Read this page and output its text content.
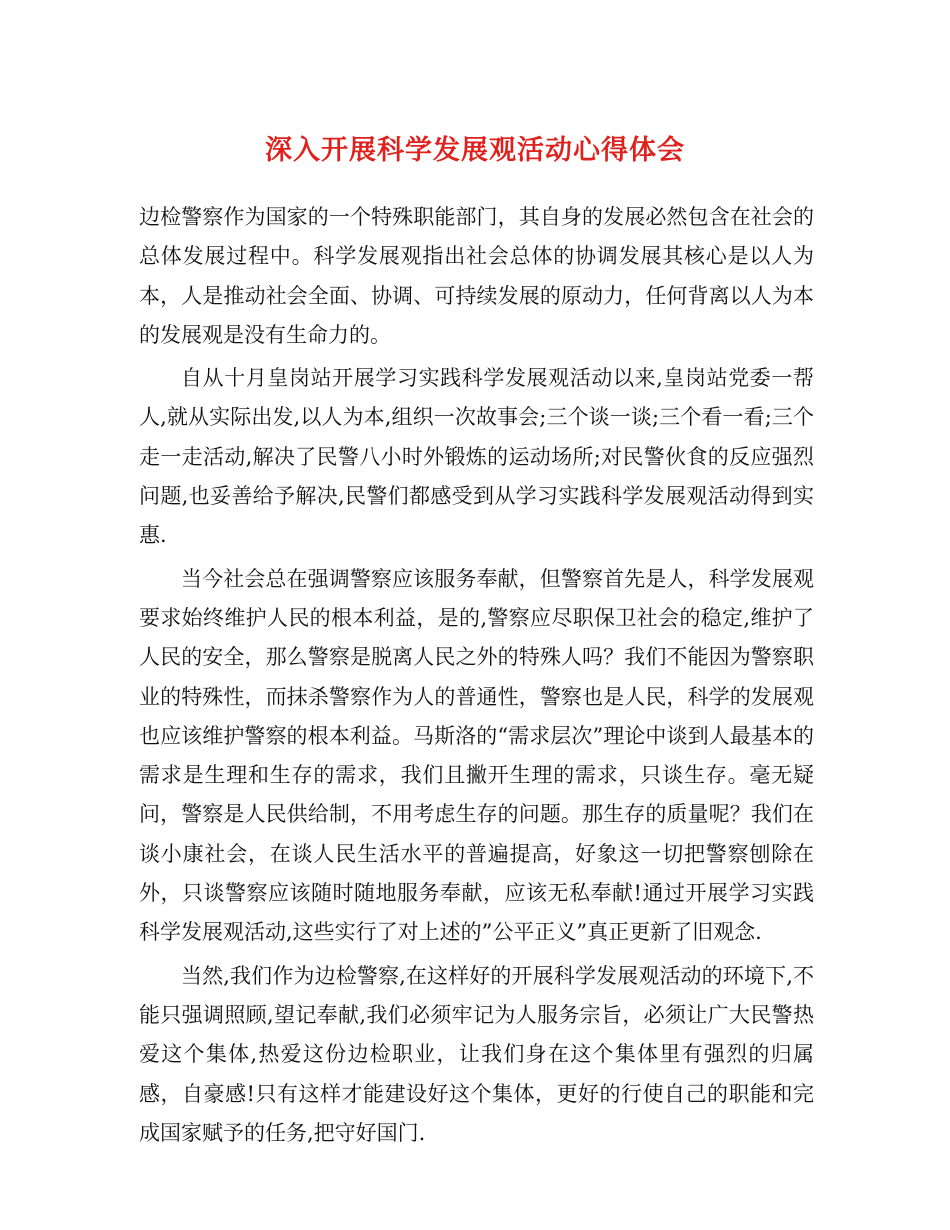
深入开展科学发展观活动心得体会

边检警察作为国家的一个特殊职能部门，其自身的发展必然包含在社会的总体发展过程中。科学发展观指出社会总体的协调发展其核心是以人为本，人是推动社会全面、协调、可持续发展的原动力，任何背离以人为本的发展观是没有生命力的。

自从十月皇岗站开展学习实践科学发展观活动以来,皇岗站党委一帮人,就从实际出发,以人为本,组织一次故事会;三个谈一谈;三个看一看;三个走一走活动,解决了民警八小时外锻炼的运动场所;对民警伙食的反应强烈问题,也妥善给予解决,民警们都感受到从学习实践科学发展观活动得到实惠.

当今社会总在强调警察应该服务奉献，但警察首先是人，科学发展观要求始终维护人民的根本利益，是的,警察应尽职保卫社会的稳定,维护了人民的安全，那么警察是脱离人民之外的特殊人吗？我们不能因为警察职业的特殊性，而抹杀警察作为人的普通性，警察也是人民，科学的发展观也应该维护警察的根本利益。马斯洛的“需求层次”理论中谈到人最基本的需求是生理和生存的需求，我们且撇开生理的需求，只谈生存。毫无疑问，警察是人民供给制，不用考虑生存的问题。那生存的质量呢？我们在谈小康社会，在谈人民生活水平的普遍提高，好象这一切把警察刨除在外，只谈警察应该随时随地服务奉献，应该无私奉献!通过开展学习实践科学发展观活动,这些实行了对上述的”公平正义”真正更新了旧观念.

当然,我们作为边检警察,在这样好的开展科学发展观活动的环境下,不能只强调照顾,望记奉献,我们必须牢记为人服务宗旨，必须让广大民警热爱这个集体,热爱这份边检职业，让我们身在这个集体里有强烈的归属感，自豪感!只有这样才能建设好这个集体，更好的行使自己的职能和完成国家赋予的任务,把守好国门.
